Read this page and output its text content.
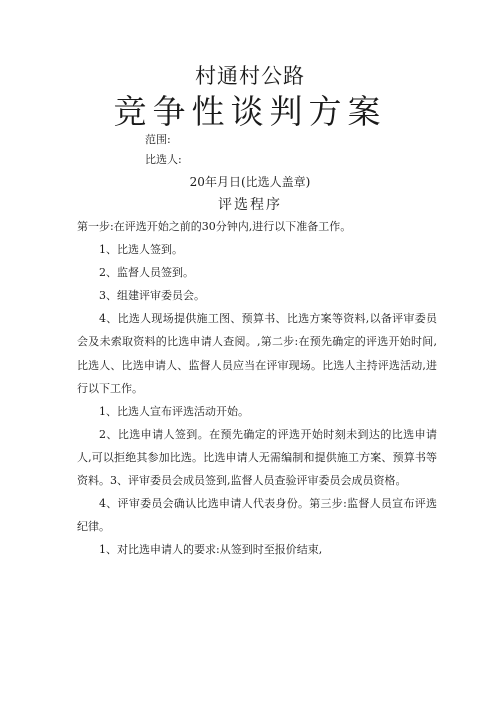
村通村公路
竞争性谈判方案
范围:
比选人:
20年月日(比选人盖章)
评选程序

第一步:在评选开始之前的30分钟内,进行以下准备工作。

1、比选人签到。

2、监督人员签到。

3、组建评审委员会。

4、比选人现场提供施工图、预算书、比选方案等资料,以备评审委员会及未索取资料的比选申请人查阅。,第二步:在预先确定的评选开始时间,比选人、比选申请人、监督人员应当在评审现场。比选人主持评选活动,进行以下工作。

1、比选人宣布评选活动开始。

2、比选申请人签到。在预先确定的评选开始时刻未到达的比选申请人,可以拒绝其参加比选。比选申请人无需编制和提供施工方案、预算书等资料。3、评审委员会成员签到,监督人员查验评审委员会成员资格。

4、评审委员会确认比选申请人代表身份。第三步:监督人员宣布评选纪律。

1、对比选申请人的要求:从签到时至报价结束,
